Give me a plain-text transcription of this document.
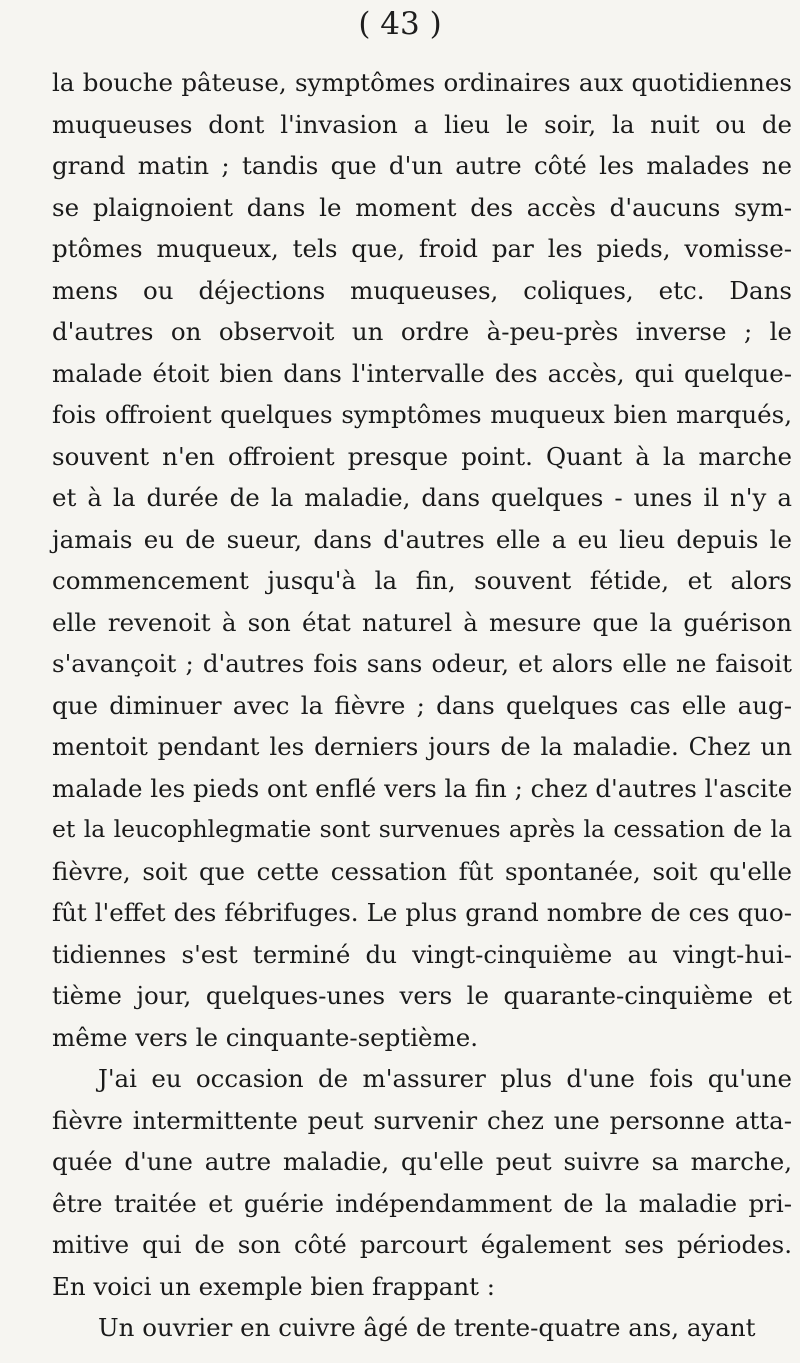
( 43 )
la bouche pâteuse, symptômes ordinaires aux quotidiennes
muqueuses dont l'invasion a lieu le soir, la nuit ou de
grand matin ; tandis que d'un autre côté les malades ne
se plaignoient dans le moment des accès d'aucuns sym-
ptômes muqueux, tels que, froid par les pieds, vomisse-
mens ou déjections muqueuses, coliques, etc. Dans
d'autres on observoit un ordre à-peu-près inverse ; le
malade étoit bien dans l'intervalle des accès, qui quelque-
fois offroient quelques symptômes muqueux bien marqués,
souvent n'en offroient presque point. Quant à la marche
et à la durée de la maladie, dans quelques - unes il n'y a
jamais eu de sueur, dans d'autres elle a eu lieu depuis le
commencement jusqu'à la fin, souvent fétide, et alors
elle revenoit à son état naturel à mesure que la guérison
s'avançoit ; d'autres fois sans odeur, et alors elle ne faisoit
que diminuer avec la fièvre ; dans quelques cas elle aug-
mentoit pendant les derniers jours de la maladie. Chez un
malade les pieds ont enflé vers la fin ; chez d'autres l'ascite
et la leucophlegmatie sont survenues après la cessation de la
fièvre, soit que cette cessation fût spontanée, soit qu'elle
fût l'effet des fébrifuges. Le plus grand nombre de ces quo-
tidiennes s'est terminé du vingt-cinquième au vingt-hui-
tième jour, quelques-unes vers le quarante-cinquième et
même vers le cinquante-septième.
J'ai eu occasion de m'assurer plus d'une fois qu'une
fièvre intermittente peut survenir chez une personne atta-
quée d'une autre maladie, qu'elle peut suivre sa marche,
être traitée et guérie indépendamment de la maladie pri-
mitive qui de son côté parcourt également ses périodes.
En voici un exemple bien frappant :
Un ouvrier en cuivre âgé de trente-quatre ans, ayant
